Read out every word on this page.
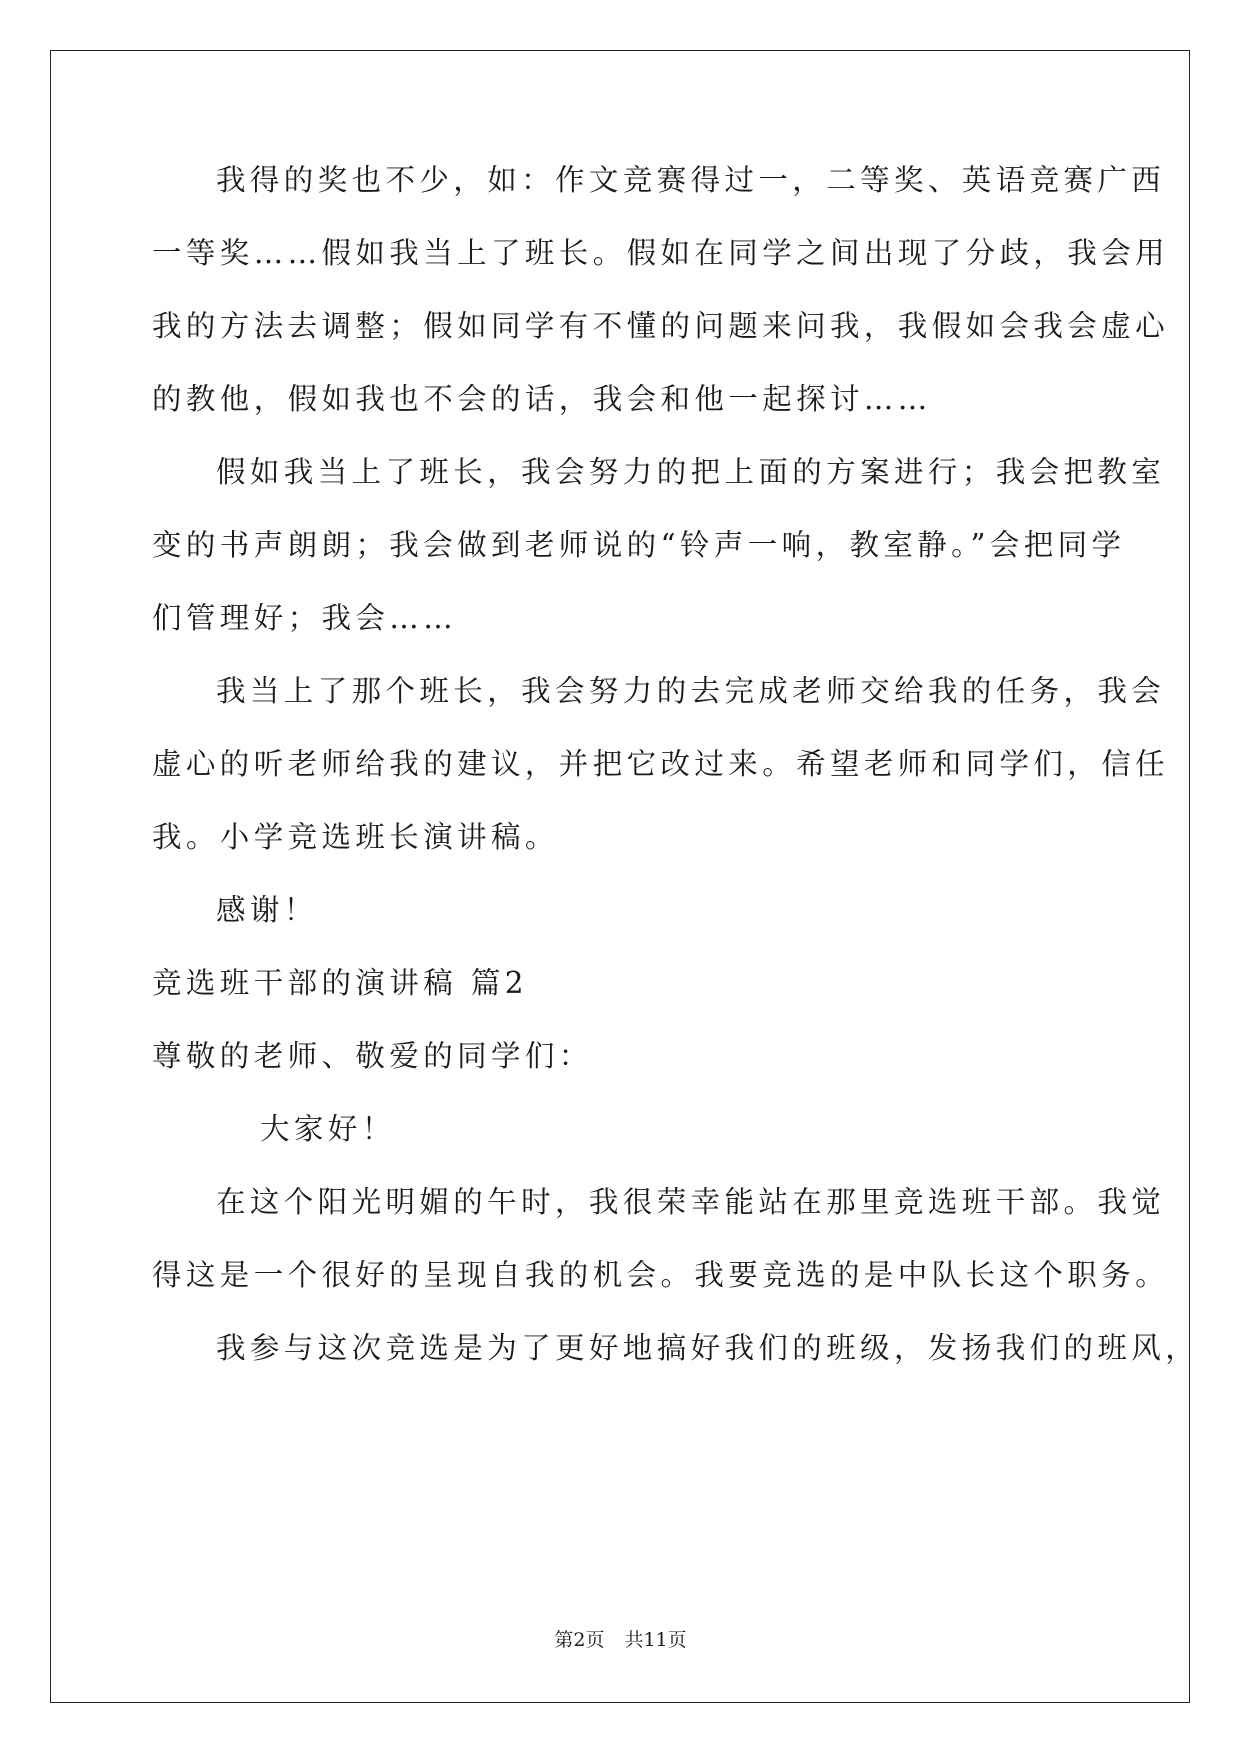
我得的奖也不少，如：作文竞赛得过一，二等奖、英语竞赛广西
一等奖……假如我当上了班长。假如在同学之间出现了分歧，我会用
我的方法去调整；假如同学有不懂的问题来问我，我假如会我会虚心
的教他，假如我也不会的话，我会和他一起探讨……
假如我当上了班长，我会努力的把上面的方案进行；我会把教室
变的书声朗朗；我会做到老师说的“铃声一响，教室静。”会把同学
们管理好；我会……
我当上了那个班长，我会努力的去完成老师交给我的任务，我会
虚心的听老师给我的建议，并把它改过来。希望老师和同学们，信任
我。小学竞选班长演讲稿。
感谢！
竞选班干部的演讲稿 篇2
尊敬的老师、敬爱的同学们：
大家好！
在这个阳光明媚的午时，我很荣幸能站在那里竞选班干部。我觉
得这是一个很好的呈现自我的机会。我要竞选的是中队长这个职务。
我参与这次竞选是为了更好地搞好我们的班级，发扬我们的班风，
第2页 共11页
